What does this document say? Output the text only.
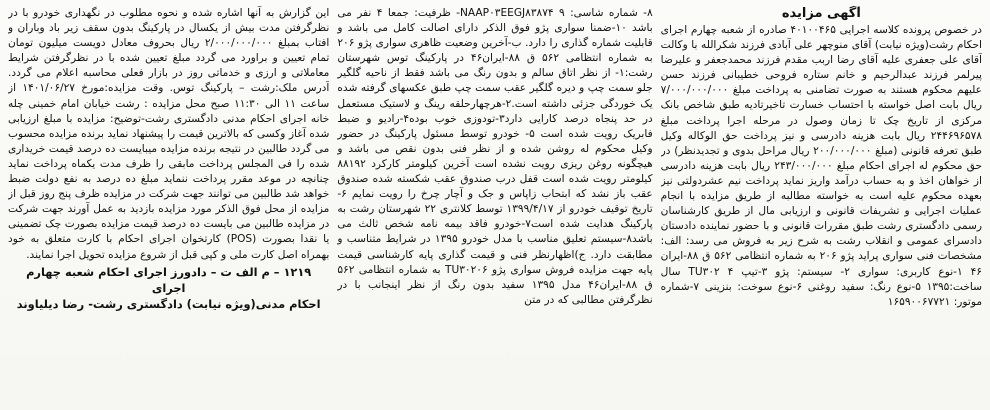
آگهی مزایده
در خصوص پرونده کلاسه اجرایی ۴۰۱۰۰۴۶۵ صادره از شعبه چهارم اجرای احکام رشت(ویژه نیابت) آقای منوچهر علی آبادی فرزند شکرالله با وکالت آقای علی جعفری علیه آقای رضا اربب مقدم فرزند محمدجعفر و علیرضا پیرلمر فرزند عبدالرحیم و خانم ستاره فروحی خطیبانی فرزند حسن علیهم محکوم هستند به صورت تضامنی به پرداخت مبلغ ۷/۰۰۰/۰۰۰/۰۰۰ ریال بابت اصل خواسته با احتساب خسارت تاخیرتادیه طبق شاخص بانک مرکزی از تاریخ چک تا زمان وصول در مرحله اجرا پرداخت مبلغ ۲۴۴۶۹۶۵۷۸ ریال بابت هزینه دادرسی و نیز پرداخت حق الوکاله وکیل طبق تعرفه قانونی (مبلغ ۲۰۰/۰۰۰/۰۰۰ ریال مراحل بدوی و تجدیدنظر) در حق محکوم له اجرای احکام مبلغ ۲۴۳/۰۰۰/۰۰۰ ریال بابت هزینه دادرسی از خواهان اخذ و به حساب درآمد واریز نماید پرداخت نیم عشردولتی نیز بعهده محکوم علیه است به خواسته مطالبه از طریق مزایده با انجام عملیات اجرایی و تشریفات قانونی و ارزیابی مال از طریق کارشناسان رسمی دادگستری رشت طبق مقررات قانونی و با حضور نماینده دادستان دادسرای عمومی و انقلاب رشت به شرح زیر به فروش می رسد: الف: مشخصات فنی سواری پراید پژو ۲۰۶ به شماره انتظامی ۵۶۲ ق ۸۸-ایران ۴۶ ۱-نوع کاربری: سواری ۲- سیستم: پژو ۳-تیپ ۴ TU۳۰۲ سال ساخت:۱۳۹۵ ۵-نوع رنگ: سفید روغنی ۶-نوع سوخت: بنزینی ۷-شماره موتور: ۱۶۵۹۰۰۶۷۷۲۱
۸- شماره شاسی: NAAP۰۳EEGJ۸۳۸۷۴ ۹- ظرفیت: جمعا ۴ نفر می باشد ۱۰-ضمنا سواری پژو فوق الذکر دارای اصالت کامل می باشد و قابلیت شماره گذاری را دارد. ب-آخرین وضعیت ظاهری سواری پژو ۲۰۶ به شماره انتظامی ۵۶۲ ق ۸۸-ایران۴۶ در پارکینگ توس شهرستان رشت:۱- از نظر اتاق سالم و بدون رنگ می باشد فقط از ناحیه گلگیر جلو سمت چپ و دیره گلگیر عقب سمت چپ طبق عکسهای گرفته شده یک خوردگی جزئی داشته است.۲-هرچهارحلقه رینگ و لاستیک مستعمل در حد پنجاه درصد کارایی دارد۳-تودوزی خوب بوده۴-رادیو و ضبط فابریک رویت شده است ۵- خودرو توسط مسئول پارکینگ در حضور وکیل محکوم له روشن شده و از نظر فنی بدون نقص می باشد و هیچگونه روغن ریزی رویت نشده است آخرین کیلومتر کارکرد ۸۸۱۹۲ کیلومتر رویت شده است قفل درب صندوق عقب شکسته شده صندوق عقب باز نشد که ابتحاب زاپاس و جک و آچار چرخ را رویت نمایم ۶- تاریخ توقیف خودرو از ۱۳۹۹/۴/۱۷ توسط کلانتری ۲۲ شهرستان رشت به پارکینگ هدایت شده است۷-خودرو فاقد بیمه نامه شخص ثالث می باشد۸-سیستم تعلیق مناسب با مدل خودرو ۱۳۹۵ در شرایط متناسب و مطابقت دارد. ج)اظهارنظر فنی و قیمت گذاری پایه کارشناسی قیمت پایه جهت مزایده فروش سواری پژو TU۳۰۲۰۶ به شماره انتظامی ۵۶۲ ق ۸۸-ایران۴۶ مدل ۱۳۹۵ سفید بدون رنگ از نظر اینجانب با در نظرگرفتن مطالبی که در متن
این گزارش به آنها اشاره شده و نحوه مطلوب در نگهداری خودرو با در نظرگرفتن مدت بیش از یکسال در پارکینگ بدون سقف زیر باد وباران و افتاب بمبلغ ۲/۰۰۰/۰۰۰/۰۰۰ ریال بحروف معادل دویست میلیون تومان تمام تعیین و براورد می گردد مبلغ تعیین شده با در نظرگرفتن شرایط معاملاتی و ارزی و خدماتی روز در بازار فعلی محاسبه اعلام می گردد. آدرس ملک:رشت – پارکینگ توس. وقت مزایده:مورخ ۱۴۰۱/۰۶/۲۷ از ساعت ۱۱ الی ۱۱:۳۰ صبح محل مزایده : رشت خیابان امام خمینی چله خانه اجرای احکام مدنی دادگستری رشت-توضیح: مزایده با مبلغ ارزیابی شده آغاز وکسی که بالاترین قیمت را پیشنهاد نماید برنده مزایده محسوب می گردد طالبین در نتیجه برنده مزایده میبایست ده درصد قیمت خریداری شده را فی المجلس پرداخت مابقی را ظرف مدت یکماه پرداخت نماید چنانچه در موعد مقرر پرداخت ننماید مبلغ ده درصد به نفع دولت ضبط خواهد شد طالبین می توانند جهت شرکت در مزایده ظرف پنج روز قبل از مزایده از محل فوق الذکر مورد مزایده بازدید به عمل آورند جهت شرکت در مزایده طالبین می بایست ده درصد قیمت مزایده بصورت چک تضمینی یا نقدا بصورت (POS) کارتخوان اجرای احکام با کارت متعلق به خود بهمراه اصل کارت ملی و کپی قبل از شروع مزایده تحویل اجرا نمایند.
۱۲۱۹ – م الف ت – دادورز اجرای احکام شعبه چهارم اجرای
احکام مدنی(ویژه نیابت) دادگستری رشت- رضا دیلیاوند
